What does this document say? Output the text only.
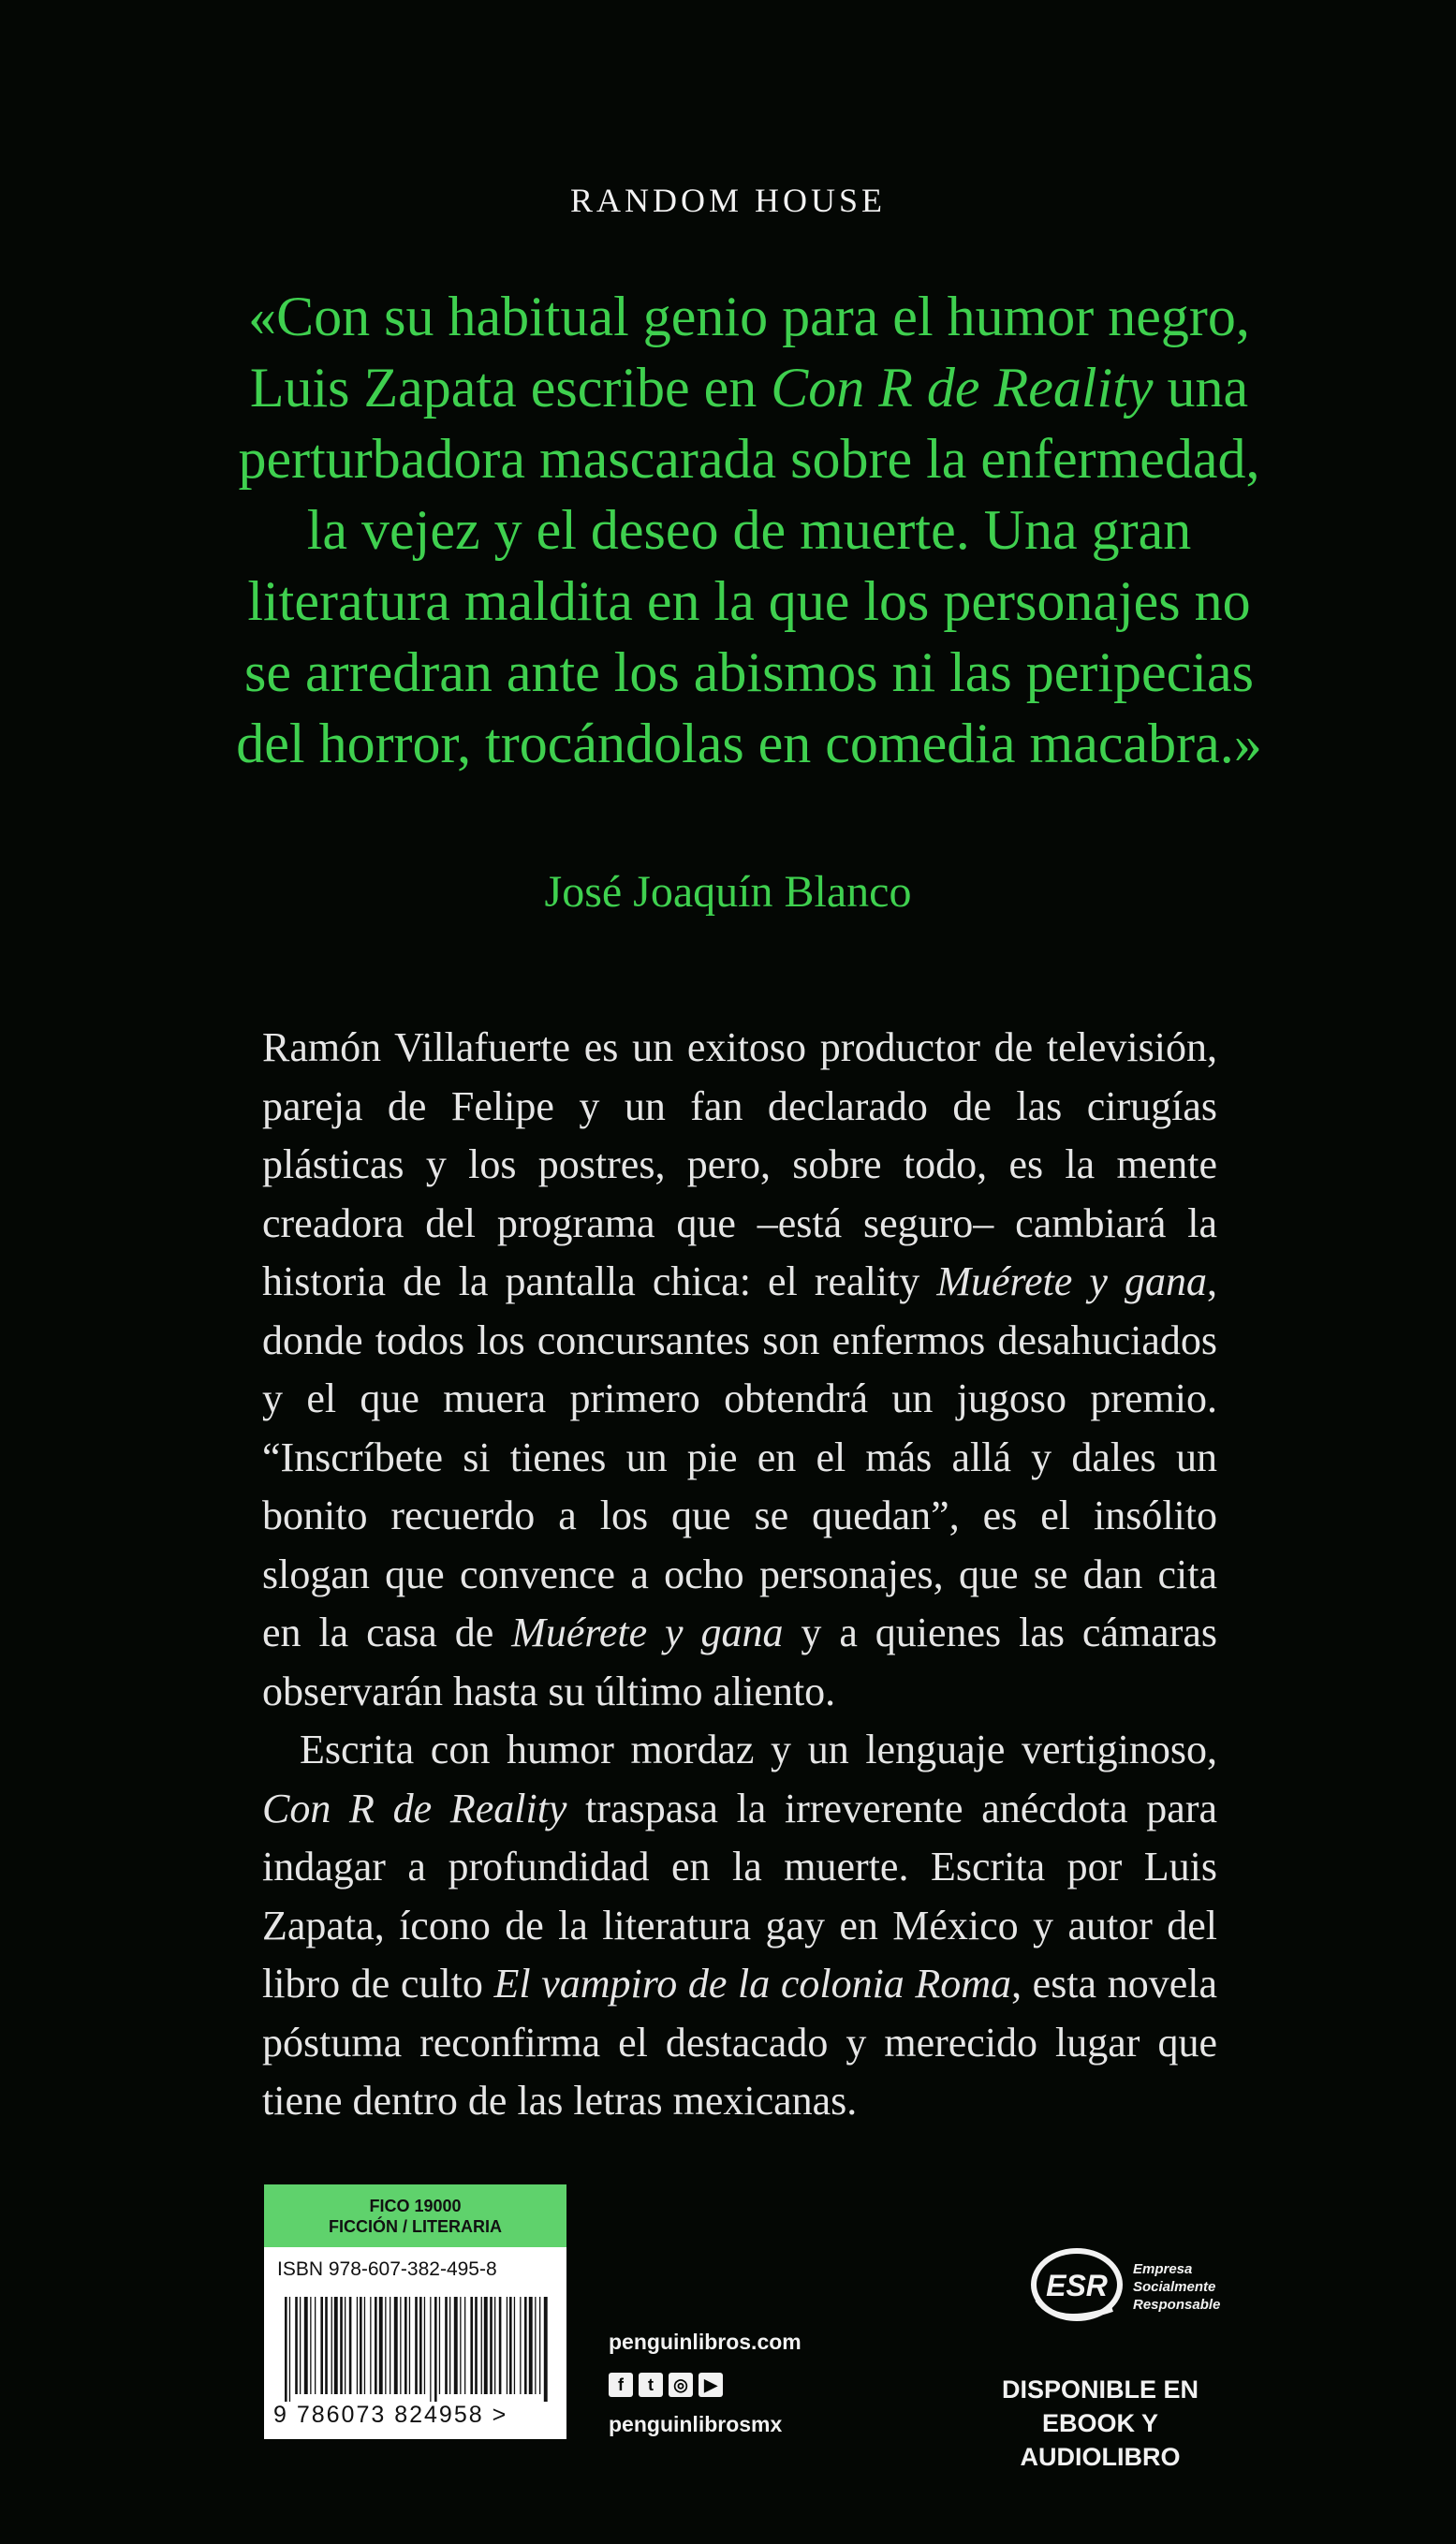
RANDOM HOUSE
«Con su habitual genio para el humor negro, Luis Zapata escribe en Con R de Reality una perturbadora mascarada sobre la enfermedad, la vejez y el deseo de muerte. Una gran literatura maldita en la que los personajes no se arredran ante los abismos ni las peripecias del horror, trocándolas en comedia macabra.»
José Joaquín Blanco

Ramón Villafuerte es un exitoso productor de televisión, pareja de Felipe y un fan declarado de las cirugías plásticas y los postres, pero, sobre todo, es la mente creadora del programa que –está seguro– cambiará la historia de la pantalla chica: el reality Muérete y gana, donde todos los concursantes son enfermos desahuciados y el que muera primero obtendrá un jugoso premio. “Inscríbete si tienes un pie en el más allá y dales un bonito recuerdo a los que se quedan”, es el insólito slogan que convence a ocho personajes, que se dan cita en la casa de Muérete y gana y a quienes las cámaras observarán hasta su último aliento.

Escrita con humor mordaz y un lenguaje vertiginoso, Con R de Reality traspasa la irreverente anécdota para indagar a profundidad en la muerte. Escrita por Luis Zapata, ícono de la literatura gay en México y autor del libro de culto El vampiro de la colonia Roma, esta novela póstuma reconfirma el destacado y merecido lugar que tiene dentro de las letras mexicanas.

FICO 19000
FICCIÓN / LITERARIA
ISBN 978-607-382-495-8
9 786073 824958 >
penguinlibros.com
f	t	◎ ▶
penguinlibrosmx
ESR Empresa
Socialmente
Responsable
DISPONIBLE EN
EBOOK Y AUDIOLIBRO
